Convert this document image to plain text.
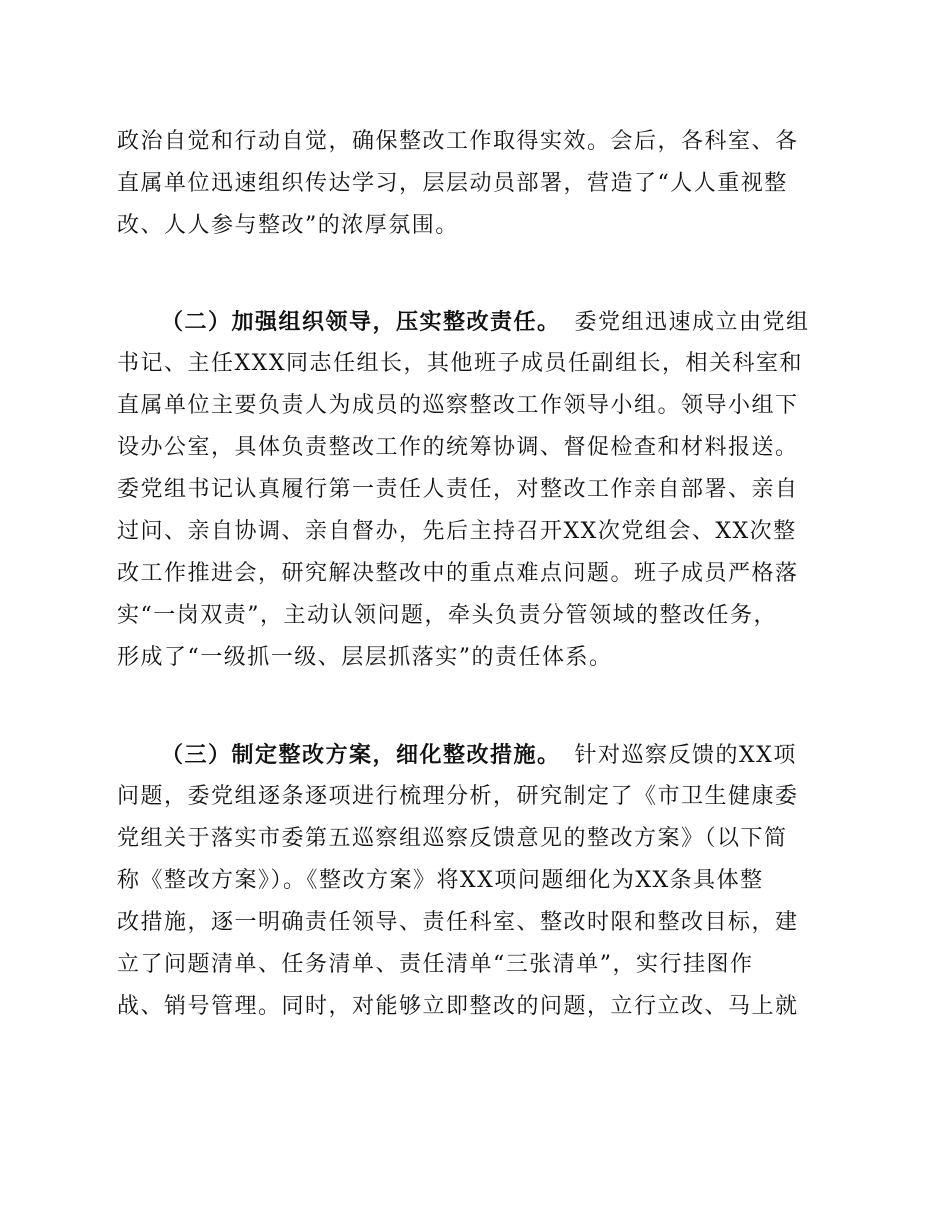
政治自觉和行动自觉，确保整改工作取得实效。会后，各科室、各
直属单位迅速组织传达学习，层层动员部署，营造了“人人重视整
改、人人参与整改”的浓厚氛围。
（二）加强组织领导，压实整改责任。 委党组迅速成立由党组
书记、主任XXX同志任组长，其他班子成员任副组长，相关科室和
直属单位主要负责人为成员的巡察整改工作领导小组。领导小组下
设办公室，具体负责整改工作的统筹协调、督促检查和材料报送。
委党组书记认真履行第一责任人责任，对整改工作亲自部署、亲自
过问、亲自协调、亲自督办，先后主持召开XX次党组会、XX次整
改工作推进会，研究解决整改中的重点难点问题。班子成员严格落
实“一岗双责”，主动认领问题，牵头负责分管领域的整改任务，
形成了“一级抓一级、层层抓落实”的责任体系。
（三）制定整改方案，细化整改措施。 针对巡察反馈的XX项
问题，委党组逐条逐项进行梳理分析，研究制定了《市卫生健康委
党组关于落实市委第五巡察组巡察反馈意见的整改方案》（以下简
称《整改方案》）。《整改方案》将XX项问题细化为XX条具体整
改措施，逐一明确责任领导、责任科室、整改时限和整改目标，建
立了问题清单、任务清单、责任清单“三张清单”，实行挂图作
战、销号管理。同时，对能够立即整改的问题，立行立改、马上就
